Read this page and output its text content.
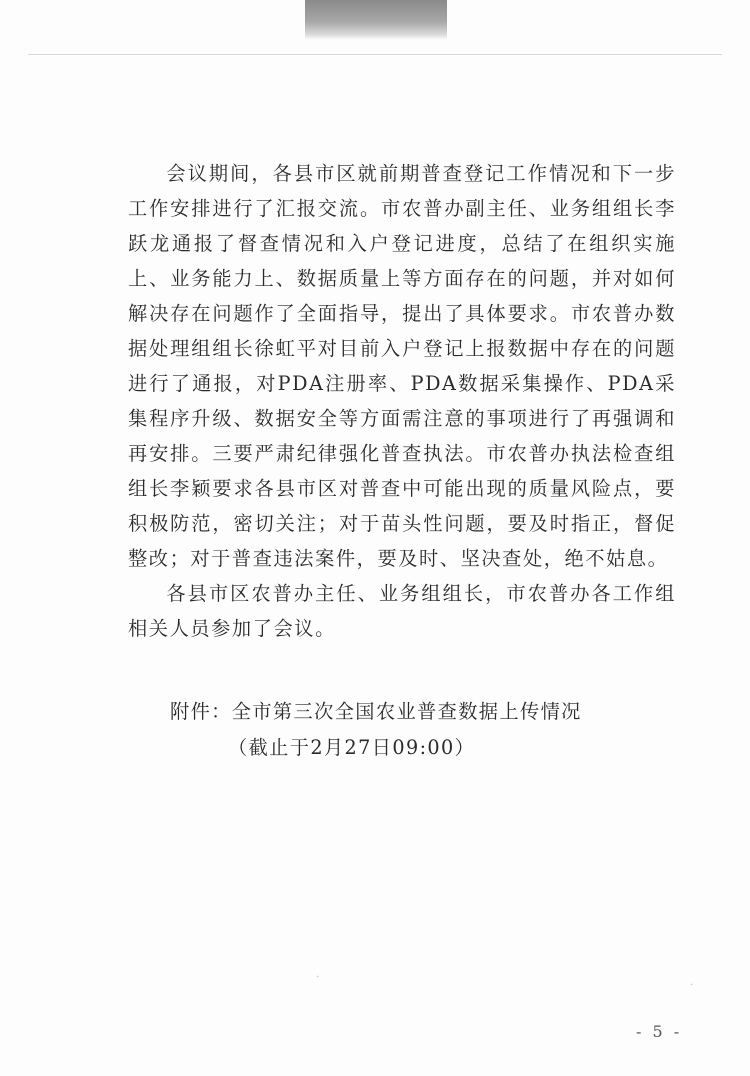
会议期间，各县市区就前期普查登记工作情况和下一步工作安排进行了汇报交流。市农普办副主任、业务组组长李跃龙通报了督查情况和入户登记进度，总结了在组织实施上、业务能力上、数据质量上等方面存在的问题，并对如何解决存在问题作了全面指导，提出了具体要求。市农普办数据处理组组长徐虹平对目前入户登记上报数据中存在的问题进行了通报，对PDA注册率、PDA数据采集操作、PDA采集程序升级、数据安全等方面需注意的事项进行了再强调和再安排。三要严肃纪律强化普查执法。市农普办执法检查组组长李颖要求各县市区对普查中可能出现的质量风险点，要积极防范，密切关注；对于苗头性问题，要及时指正，督促整改；对于普查违法案件，要及时、坚决查处，绝不姑息。

各县市区农普办主任、业务组组长，市农普办各工作组相关人员参加了会议。

附件：全市第三次全国农业普查数据上传情况
（截止于2月27日09:00）
·
·
- 5 -
